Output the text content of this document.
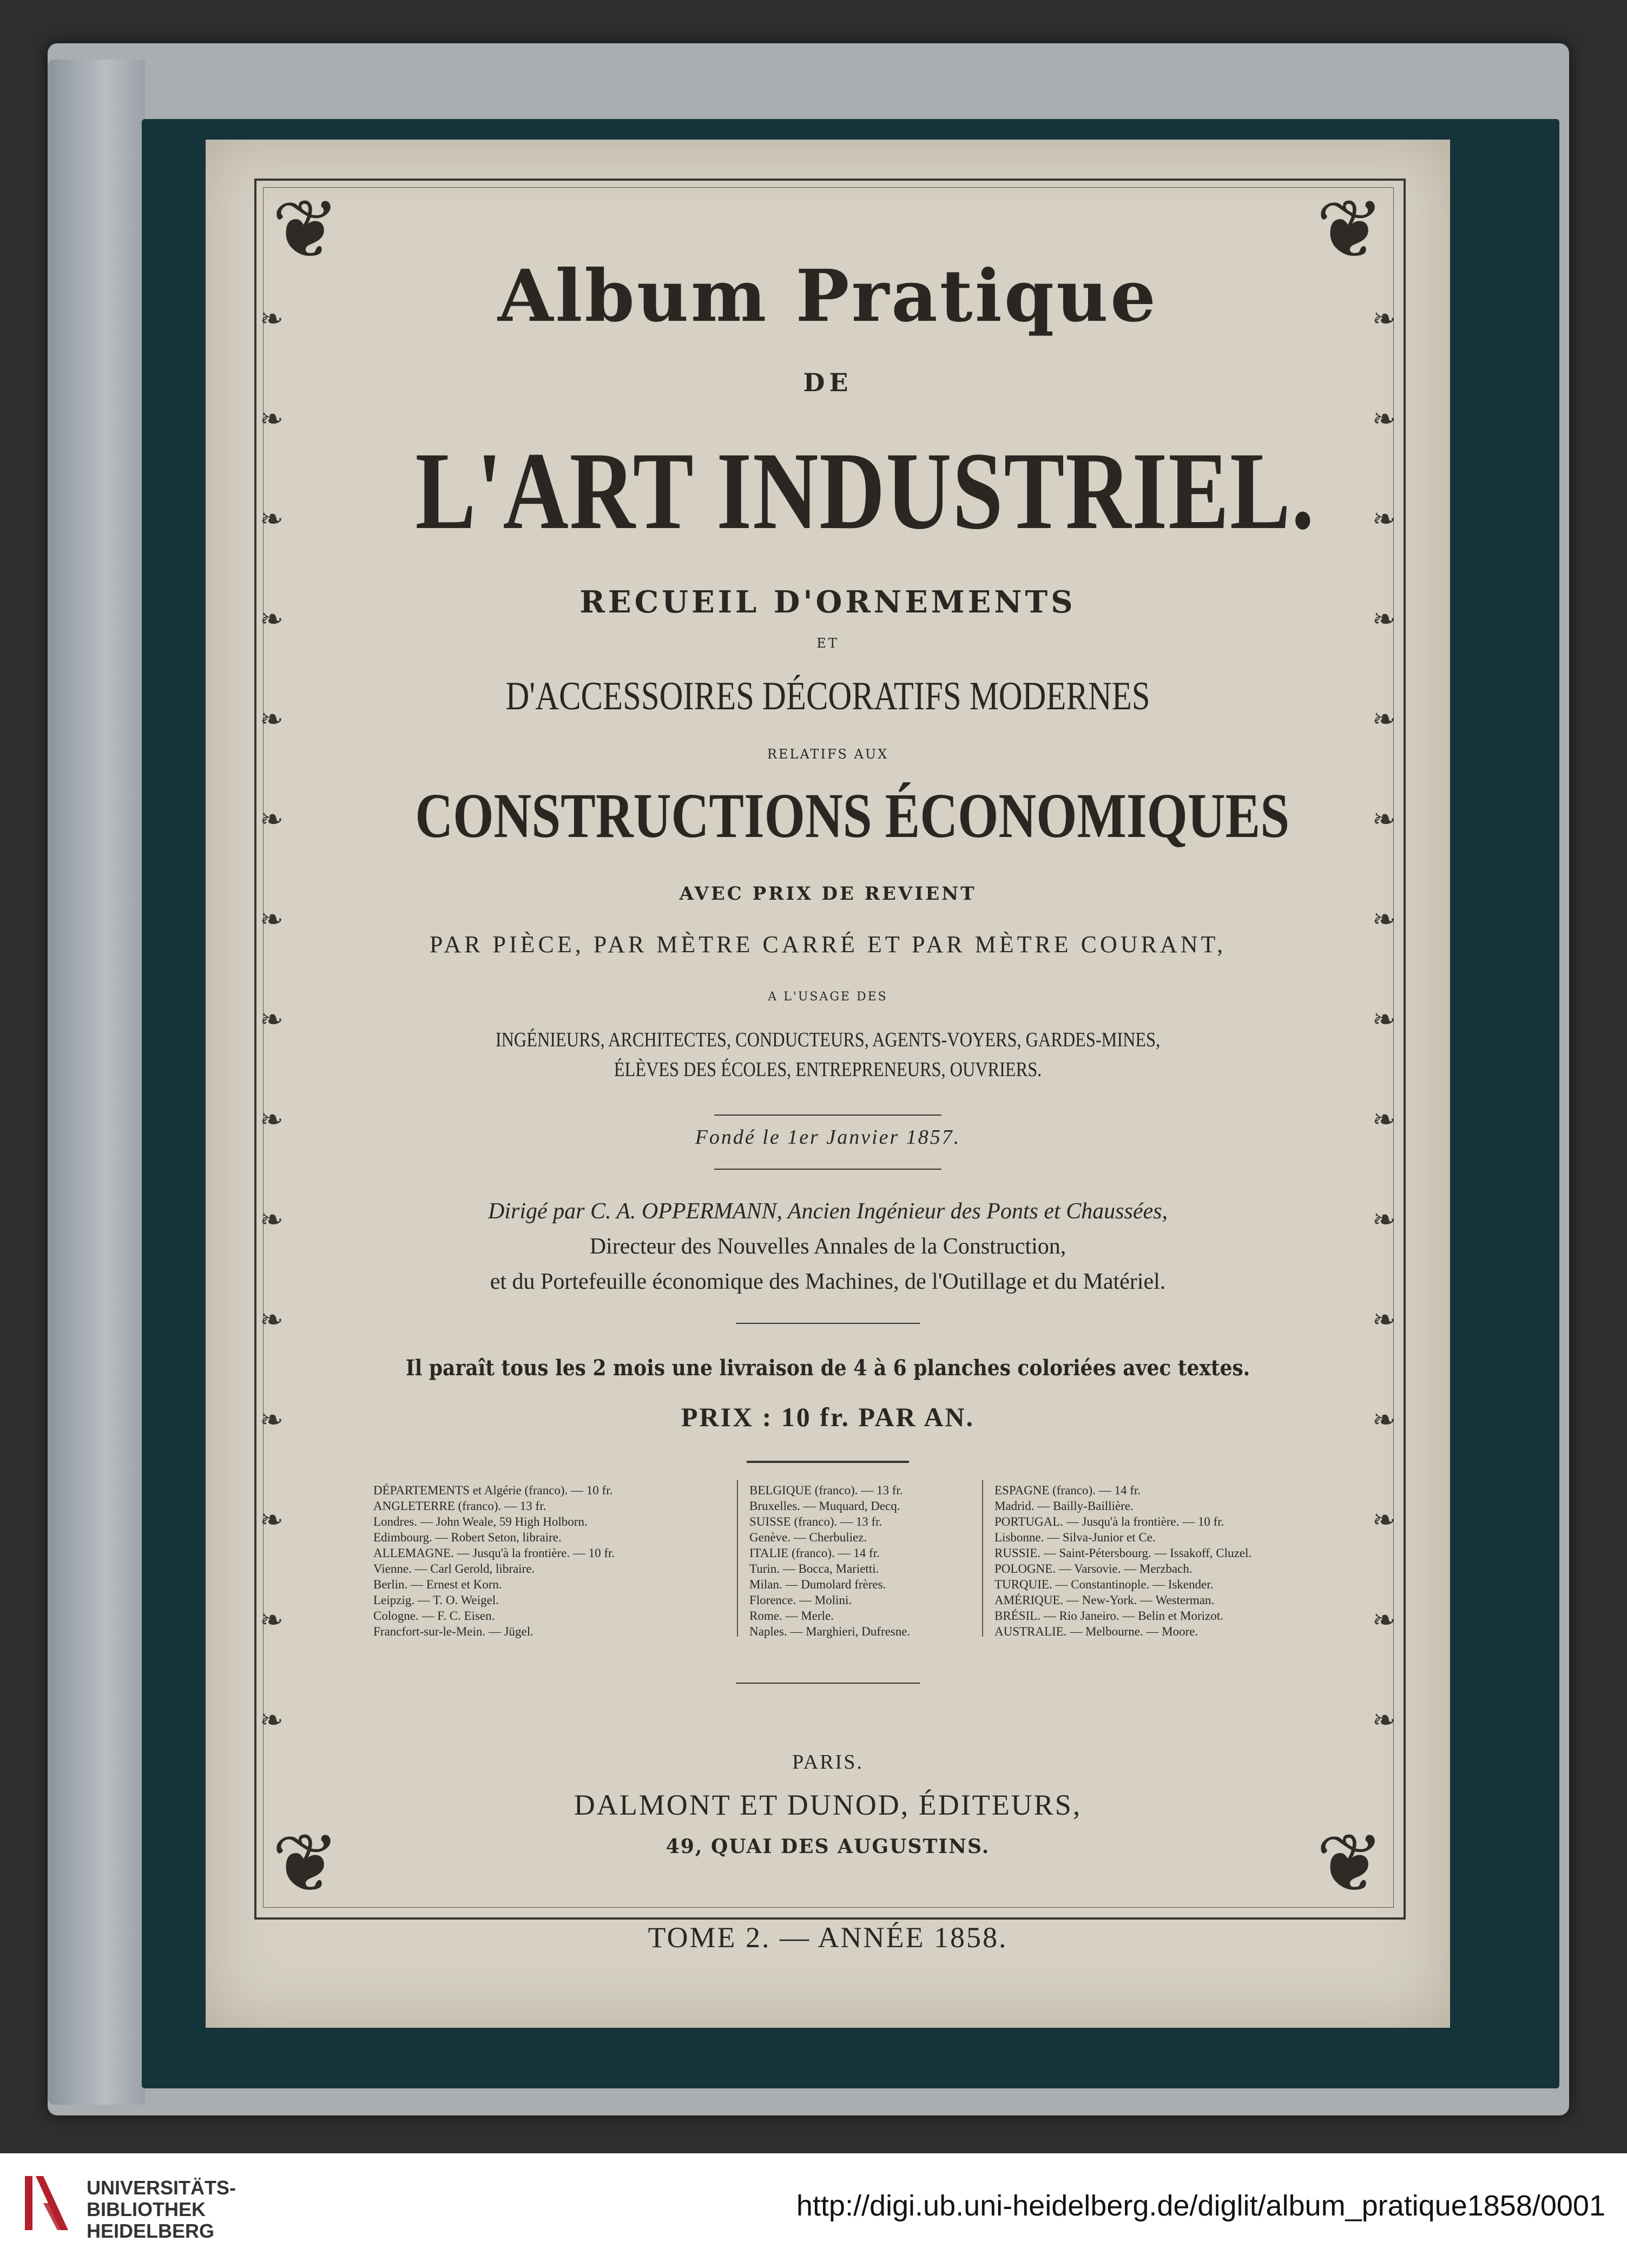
❦	❦
❦	❦
❧
❧
❧
❧
❧
❧
❧
❧
❧
❧
❧
❧
❧
❧
❧
❧
❧
❧
❧
❧
❧
❧
❧
❧
❧
❧
❧
❧
❧
❧

Album Pratique

DE

L'ART INDUSTRIEL.

RECUEIL D'ORNEMENTS

ET

D'ACCESSOIRES DÉCORATIFS MODERNES

RELATIFS AUX

CONSTRUCTIONS ÉCONOMIQUES

AVEC PRIX DE REVIENT

PAR PIÈCE, PAR MÈTRE CARRÉ ET PAR MÈTRE COURANT,

A L'USAGE DES

INGÉNIEURS, ARCHITECTES, CONDUCTEURS, AGENTS-VOYERS, GARDES-MINES,

ÉLÈVES DES ÉCOLES, ENTREPRENEURS, OUVRIERS.

Fondé le 1er Janvier 1857.

Dirigé par C. A. OPPERMANN, Ancien Ingénieur des Ponts et Chaussées,

Directeur des Nouvelles Annales de la Construction,

et du Portefeuille économique des Machines, de l'Outillage et du Matériel.

Il paraît tous les 2 mois une livraison de 4 à 6 planches coloriées avec textes.

PRIX : 10 fr. PAR AN.

DÉPARTEMENTS et Algérie (franco). — 10 fr.
ANGLETERRE (franco). — 13 fr.
Londres. — John Weale, 59 High Holborn.
Edimbourg. — Robert Seton, libraire.
ALLEMAGNE. — Jusqu'à la frontière. — 10 fr.
Vienne. — Carl Gerold, libraire.
Berlin. — Ernest et Korn.
Leipzig. — T. O. Weigel.
Cologne. — F. C. Eisen.
Francfort-sur-le-Mein. — Jügel.
BELGIQUE (franco). — 13 fr.
Bruxelles. — Muquard, Decq.
SUISSE (franco). — 13 fr.
Genève. — Cherbuliez.
ITALIE (franco). — 14 fr.
Turin. — Bocca, Marietti.
Milan. — Dumolard frères.
Florence. — Molini.
Rome. — Merle.
Naples. — Marghieri, Dufresne.
ESPAGNE (franco). — 14 fr.
Madrid. — Bailly-Baillière.
PORTUGAL. — Jusqu'à la frontière. — 10 fr.
Lisbonne. — Silva-Junior et Ce.
RUSSIE. — Saint-Pétersbourg. — Issakoff, Cluzel.
POLOGNE. — Varsovie. — Merzbach.
TURQUIE. — Constantinople. — Iskender.
AMÉRIQUE. — New-York. — Westerman.
BRÉSIL. — Rio Janeiro. — Belin et Morizot.
AUSTRALIE. — Melbourne. — Moore.

PARIS.

DALMONT ET DUNOD, ÉDITEURS,

49, QUAI DES AUGUSTINS.

TOME 2. — ANNÉE 1858.

UNIVERSITÄTS-
BIBLIOTHEK
HEIDELBERG
http://digi.ub.uni-heidelberg.de/diglit/album_pratique1858/0001
